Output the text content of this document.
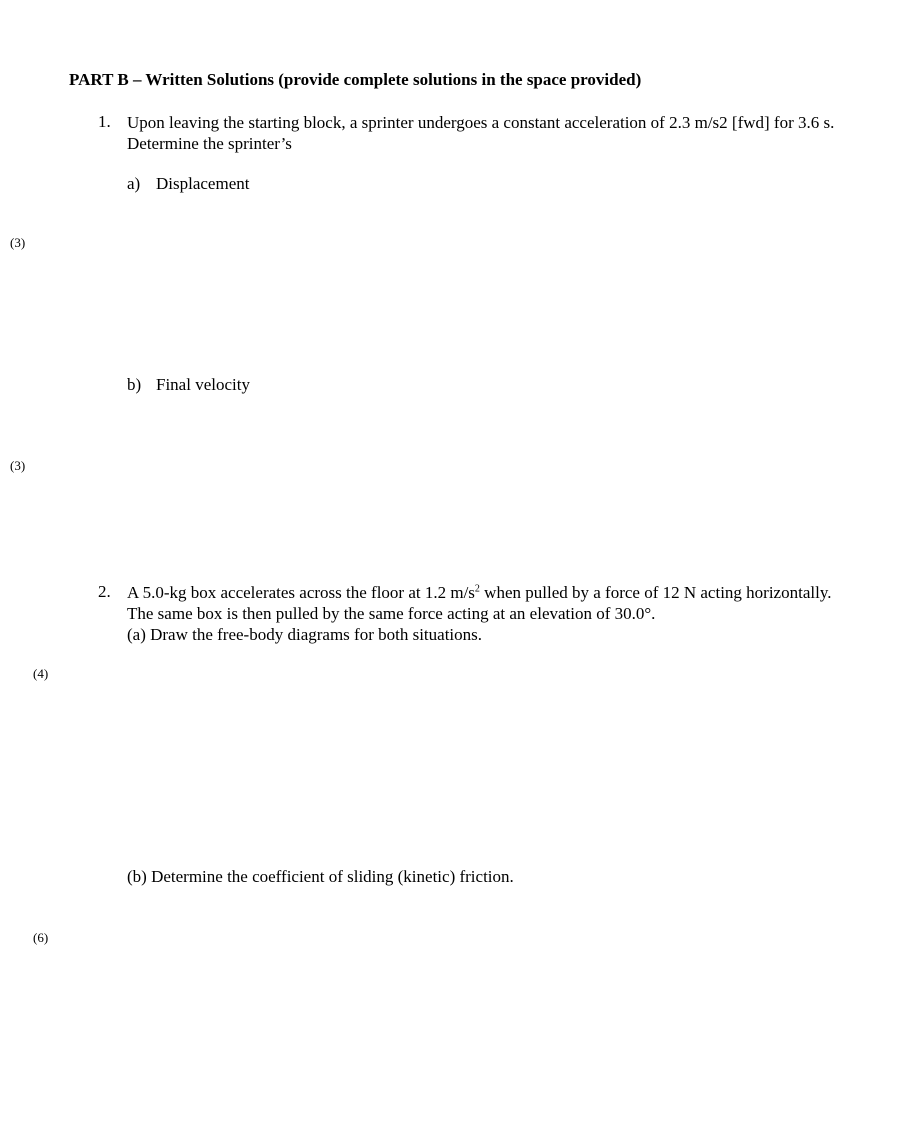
PART B – Written Solutions (provide complete solutions in the space provided)
1. Upon leaving the starting block, a sprinter undergoes a constant acceleration of 2.3 m/s2 [fwd] for 3.6 s.
Determine the sprinter’s
a) Displacement
(3)
b) Final velocity
(3)
2. A 5.0-kg box accelerates across the floor at 1.2 $m/s^2$ when pulled by a force of 12 N acting horizontally.
The same box is then pulled by the same force acting at an elevation of 30.0°.
(a) Draw the free-body diagrams for both situations.
(4)
(b) Determine the coefficient of sliding (kinetic) friction.
(6)
